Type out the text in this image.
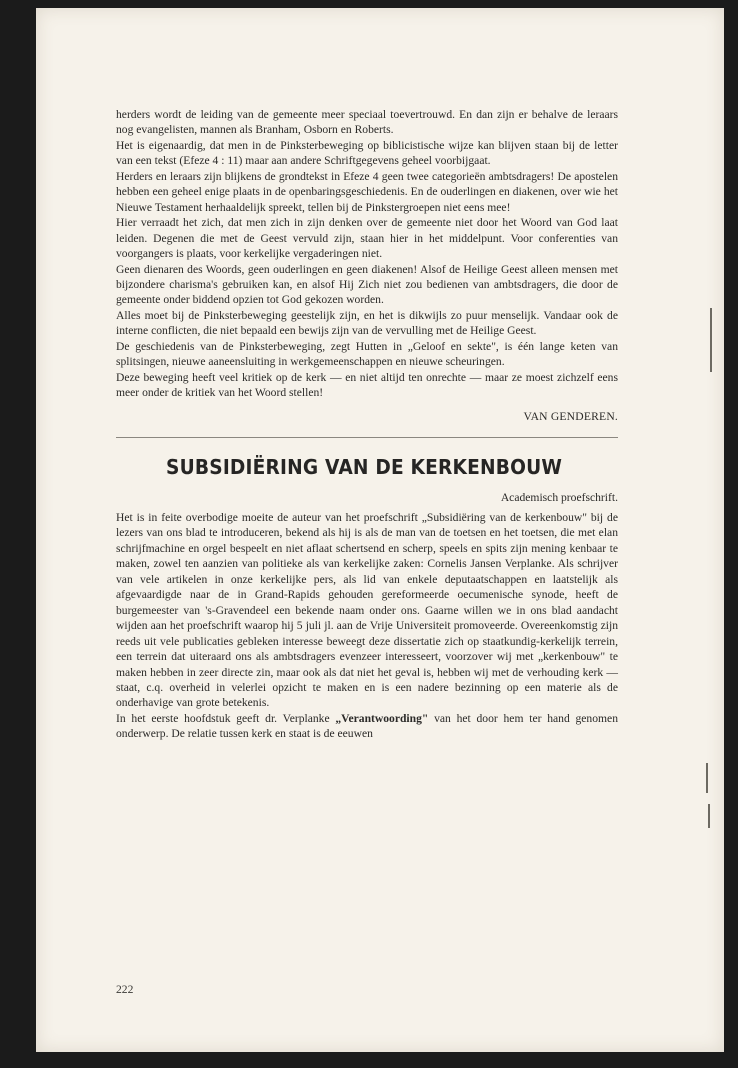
herders wordt de leiding van de gemeente meer speciaal toevertrouwd. En dan zijn er behalve de leraars nog evangelisten, mannen als Branham, Osborn en Roberts.

Het is eigenaardig, dat men in de Pinksterbeweging op biblicistische wijze kan blijven staan bij de letter van een tekst (Efeze 4 : 11) maar aan andere Schriftgegevens geheel voorbijgaat.

Herders en leraars zijn blijkens de grondtekst in Efeze 4 geen twee categorieën ambtsdragers! De apostelen hebben een geheel enige plaats in de openbaringsgeschiedenis. En de ouderlingen en diakenen, over wie het Nieuwe Testament herhaaldelijk spreekt, tellen bij de Pinkstergroepen niet eens mee!

Hier verraadt het zich, dat men zich in zijn denken over de gemeente niet door het Woord van God laat leiden. Degenen die met de Geest vervuld zijn, staan hier in het middelpunt. Voor conferenties van voorgangers is plaats, voor kerkelijke vergaderingen niet.

Geen dienaren des Woords, geen ouderlingen en geen diakenen! Alsof de Heilige Geest alleen mensen met bijzondere charisma's gebruiken kan, en alsof Hij Zich niet zou bedienen van ambtsdragers, die door de gemeente onder biddend opzien tot God gekozen worden.

Alles moet bij de Pinksterbeweging geestelijk zijn, en het is dikwijls zo puur menselijk. Vandaar ook de interne conflicten, die niet bepaald een bewijs zijn van de vervulling met de Heilige Geest.

De geschiedenis van de Pinksterbeweging, zegt Hutten in „Geloof en sekte", is één lange keten van splitsingen, nieuwe aaneensluiting in werkgemeenschappen en nieuwe scheuringen.

Deze beweging heeft veel kritiek op de kerk — en niet altijd ten onrechte — maar ze moest zichzelf eens meer onder de kritiek van het Woord stellen!

VAN GENDEREN.

SUBSIDIËRING VAN DE KERKENBOUW

Academisch proefschrift.

Het is in feite overbodige moeite de auteur van het proefschrift „Subsidiëring van de kerkenbouw" bij de lezers van ons blad te introduceren, bekend als hij is als de man van de toetsen en het toetsen, die met elan schrijfmachine en orgel bespeelt en niet aflaat schertsend en scherp, speels en spits zijn mening kenbaar te maken, zowel ten aanzien van politieke als van kerkelijke zaken: Cornelis Jansen Verplanke. Als schrijver van vele artikelen in onze kerkelijke pers, als lid van enkele deputaatschappen en laatstelijk als afgevaardigde naar de in Grand-Rapids gehouden gereformeerde oecumenische synode, heeft de burgemeester van 's-Gravendeel een bekende naam onder ons. Gaarne willen we in ons blad aandacht wijden aan het proefschrift waarop hij 5 juli jl. aan de Vrije Universiteit promoveerde. Overeenkomstig zijn reeds uit vele publicaties gebleken interesse beweegt deze dissertatie zich op staatkundig-kerkelijk terrein, een terrein dat uiteraard ons als ambtsdragers evenzeer interesseert, voorzover wij met „kerkenbouw" te maken hebben in zeer directe zin, maar ook als dat niet het geval is, hebben wij met de verhouding kerk — staat, c.q. overheid in velerlei opzicht te maken en is een nadere bezinning op een materie als de onderhavige van grote betekenis.

In het eerste hoofdstuk geeft dr. Verplanke „Verantwoording" van het door hem ter hand genomen onderwerp. De relatie tussen kerk en staat is de eeuwen

222
